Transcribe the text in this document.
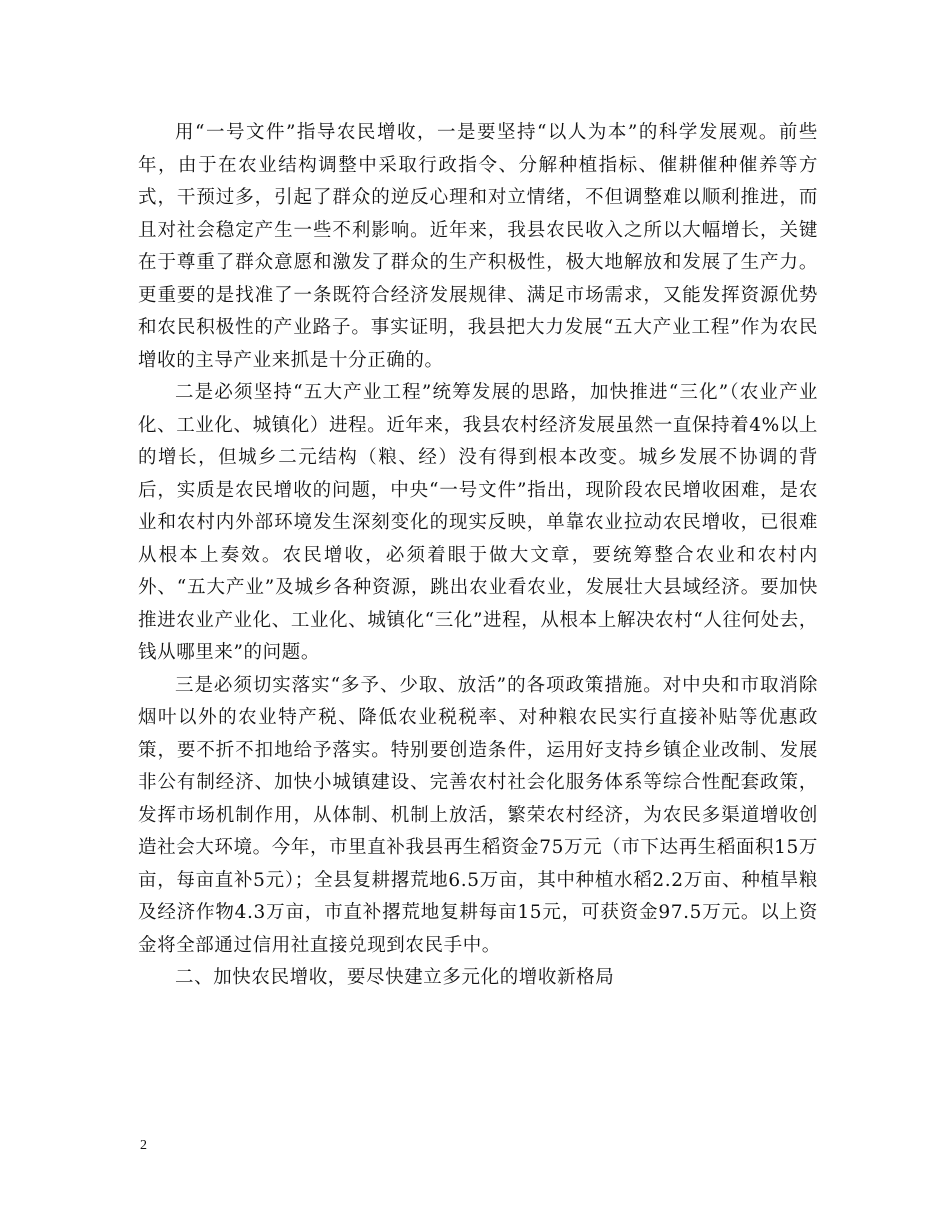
用“一号文件”指导农民增收，一是要坚持“以人为本”的科学发展观。前些年，由于在农业结构调整中采取行政指令、分解种植指标、催耕催种催养等方式，干预过多，引起了群众的逆反心理和对立情绪，不但调整难以顺利推进，而且对社会稳定产生一些不利影响。近年来，我县农民收入之所以大幅增长，关键在于尊重了群众意愿和激发了群众的生产积极性，极大地解放和发展了生产力。更重要的是找准了一条既符合经济发展规律、满足市场需求，又能发挥资源优势和农民积极性的产业路子。事实证明，我县把大力发展“五大产业工程”作为农民增收的主导产业来抓是十分正确的。

二是必须坚持“五大产业工程”统筹发展的思路，加快推进“三化”（农业产业化、工业化、城镇化）进程。近年来，我县农村经济发展虽然一直保持着4%以上的增长，但城乡二元结构（粮、经）没有得到根本改变。城乡发展不协调的背后，实质是农民增收的问题，中央“一号文件”指出，现阶段农民增收困难，是农业和农村内外部环境发生深刻变化的现实反映，单靠农业拉动农民增收，已很难从根本上奏效。农民增收，必须着眼于做大文章，要统筹整合农业和农村内外、“五大产业”及城乡各种资源，跳出农业看农业，发展壮大县域经济。要加快推进农业产业化、工业化、城镇化“三化”进程，从根本上解决农村“人往何处去，钱从哪里来”的问题。

三是必须切实落实“多予、少取、放活”的各项政策措施。对中央和市取消除烟叶以外的农业特产税、降低农业税税率、对种粮农民实行直接补贴等优惠政策，要不折不扣地给予落实。特别要创造条件，运用好支持乡镇企业改制、发展非公有制经济、加快小城镇建设、完善农村社会化服务体系等综合性配套政策，发挥市场机制作用，从体制、机制上放活，繁荣农村经济，为农民多渠道增收创造社会大环境。今年，市里直补我县再生稻资金75万元（市下达再生稻面积15万亩，每亩直补5元）；全县复耕撂荒地6.5万亩，其中种植水稻2.2万亩、种植旱粮及经济作物4.3万亩，市直补撂荒地复耕每亩15元，可获资金97.5万元。以上资金将全部通过信用社直接兑现到农民手中。

二、加快农民增收，要尽快建立多元化的增收新格局

2
